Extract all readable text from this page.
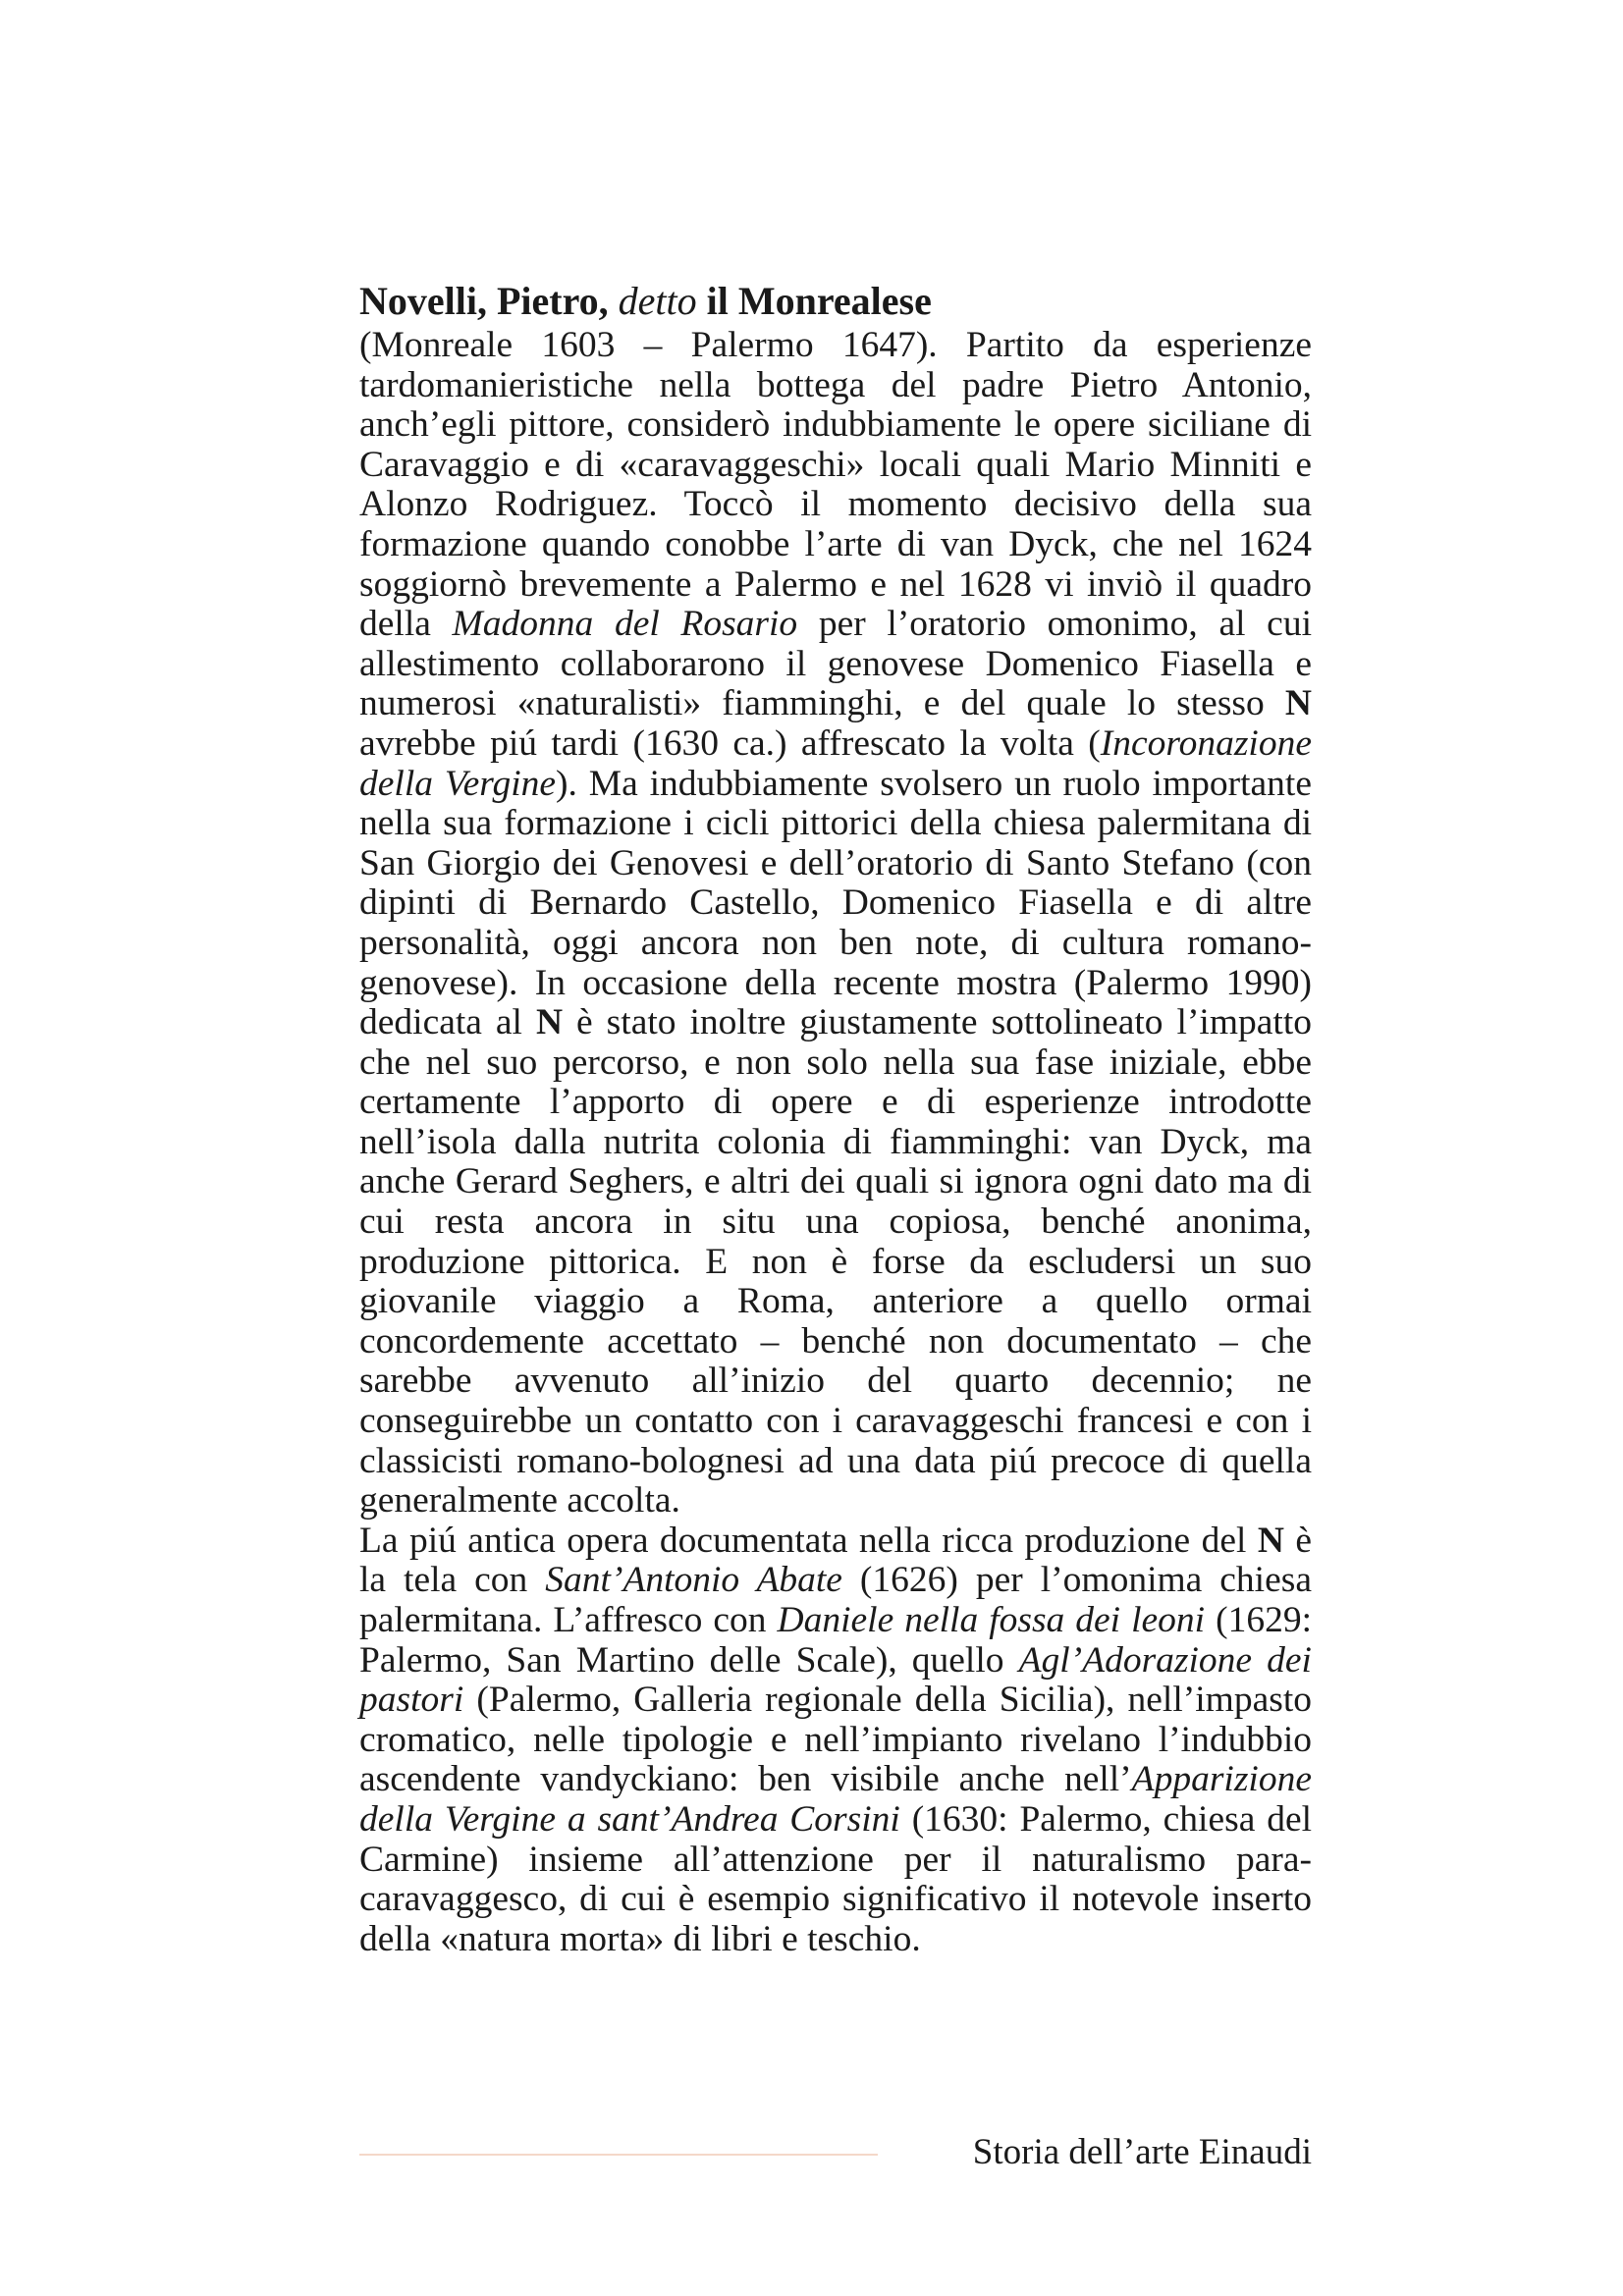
Novelli, Pietro, detto il Monrealese

(Monreale 1603 – Palermo 1647). Partito da esperienze tardomanieristiche nella bottega del padre Pietro Antonio, anch’egli pittore, considerò indubbiamente le opere siciliane di Caravaggio e di «caravaggeschi» locali quali Mario Minniti e Alonzo Rodriguez. Toccò il momento decisivo della sua formazione quando conobbe l’arte di van Dyck, che nel 1624 soggiornò brevemente a Palermo e nel 1628 vi inviò il quadro della Madonna del Rosario per l’oratorio omonimo, al cui allestimento collaborarono il genovese Domenico Fiasella e numerosi «naturalisti» fiamminghi, e del quale lo stesso N avrebbe piú tardi (1630 ca.) affrescato la volta (Incoronazione della Vergine). Ma indubbiamente svolsero un ruolo importante nella sua formazione i cicli pittorici della chiesa palermitana di San Giorgio dei Genovesi e dell’oratorio di Santo Stefano (con dipinti di Bernardo Castello, Domenico Fiasella e di altre personalità, oggi ancora non ben note, di cultura romano-genovese). In occasione della recente mostra (Palermo 1990) dedicata al N è stato inoltre giustamente sottolineato l’impatto che nel suo percorso, e non solo nella sua fase iniziale, ebbe certamente l’apporto di opere e di esperienze introdotte nell’isola dalla nutrita colonia di fiamminghi: van Dyck, ma anche Gerard Seghers, e altri dei quali si ignora ogni dato ma di cui resta ancora in situ una copiosa, benché anonima, produzione pittorica. E non è forse da escludersi un suo giovanile viaggio a Roma, anteriore a quello ormai concordemente accettato – benché non documentato – che sarebbe avvenuto all’inizio del quarto decennio; ne conseguirebbe un contatto con i caravaggeschi francesi e con i classicisti romano-bolognesi ad una data piú precoce di quella generalmente accolta.

La piú antica opera documentata nella ricca produzione del N è la tela con Sant’Antonio Abate (1626) per l’omonima chiesa palermitana. L’affresco con Daniele nella fossa dei leoni (1629: Palermo, San Martino delle Scale), quello Agl’Adorazione dei pastori (Palermo, Galleria regionale della Sicilia), nell’impasto cromatico, nelle tipologie e nell’impianto rivelano l’indubbio ascendente vandyckiano: ben visibile anche nell’Apparizione della Vergine a sant’Andrea Corsini (1630: Palermo, chiesa del Carmine) insieme all’attenzione per il naturalismo para-caravaggesco, di cui è esempio significativo il notevole inserto della «natura morta» di libri e teschio.

Storia dell’arte Einaudi
